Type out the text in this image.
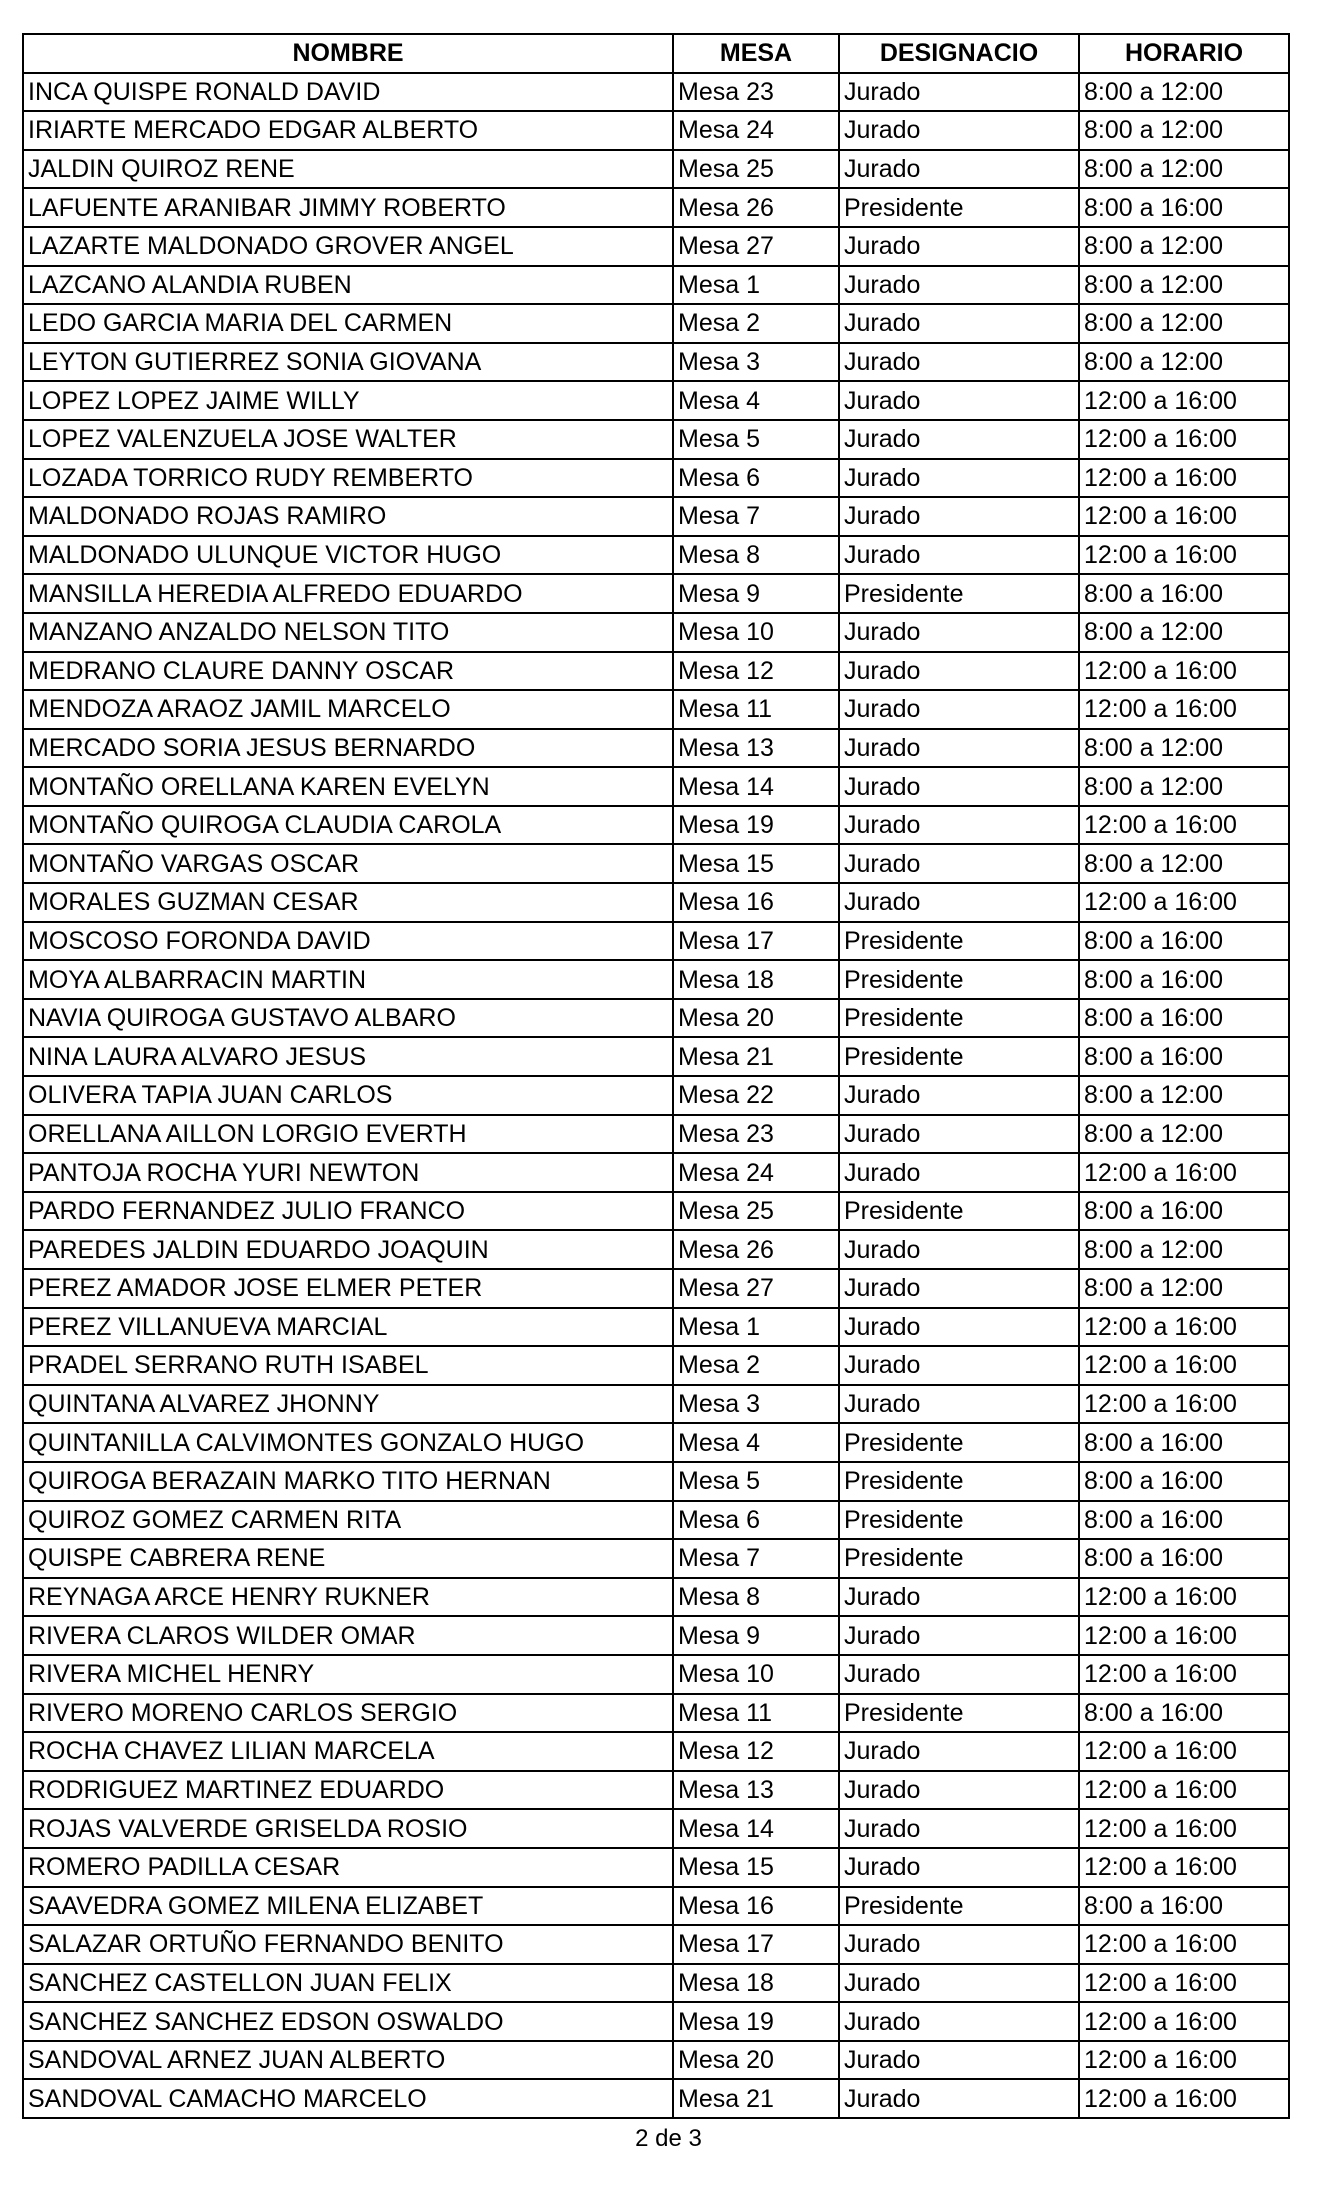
NOMBRE	MESA	DESIGNACIO	HORARIO
INCA QUISPE RONALD DAVID	Mesa 23	Jurado	8:00 a 12:00
IRIARTE MERCADO EDGAR ALBERTO	Mesa 24	Jurado	8:00 a 12:00
JALDIN QUIROZ RENE	Mesa 25	Jurado	8:00 a 12:00
LAFUENTE ARANIBAR JIMMY ROBERTO	Mesa 26	Presidente	8:00 a 16:00
LAZARTE MALDONADO GROVER ANGEL	Mesa 27	Jurado	8:00 a 12:00
LAZCANO ALANDIA RUBEN	Mesa 1	Jurado	8:00 a 12:00
LEDO GARCIA MARIA DEL CARMEN	Mesa 2	Jurado	8:00 a 12:00
LEYTON GUTIERREZ SONIA GIOVANA	Mesa 3	Jurado	8:00 a 12:00
LOPEZ LOPEZ JAIME WILLY	Mesa 4	Jurado	12:00 a 16:00
LOPEZ VALENZUELA JOSE WALTER	Mesa 5	Jurado	12:00 a 16:00
LOZADA TORRICO RUDY REMBERTO	Mesa 6	Jurado	12:00 a 16:00
MALDONADO ROJAS RAMIRO	Mesa 7	Jurado	12:00 a 16:00
MALDONADO ULUNQUE VICTOR HUGO	Mesa 8	Jurado	12:00 a 16:00
MANSILLA HEREDIA ALFREDO EDUARDO	Mesa 9	Presidente	8:00 a 16:00
MANZANO ANZALDO NELSON TITO	Mesa 10	Jurado	8:00 a 12:00
MEDRANO CLAURE DANNY OSCAR	Mesa 12	Jurado	12:00 a 16:00
MENDOZA ARAOZ JAMIL MARCELO	Mesa 11	Jurado	12:00 a 16:00
MERCADO SORIA JESUS BERNARDO	Mesa 13	Jurado	8:00 a 12:00
MONTAÑO ORELLANA KAREN EVELYN	Mesa 14	Jurado	8:00 a 12:00
MONTAÑO QUIROGA CLAUDIA CAROLA	Mesa 19	Jurado	12:00 a 16:00
MONTAÑO VARGAS OSCAR	Mesa 15	Jurado	8:00 a 12:00
MORALES GUZMAN CESAR	Mesa 16	Jurado	12:00 a 16:00
MOSCOSO FORONDA DAVID	Mesa 17	Presidente	8:00 a 16:00
MOYA ALBARRACIN MARTIN	Mesa 18	Presidente	8:00 a 16:00
NAVIA QUIROGA GUSTAVO ALBARO	Mesa 20	Presidente	8:00 a 16:00
NINA LAURA ALVARO JESUS	Mesa 21	Presidente	8:00 a 16:00
OLIVERA TAPIA JUAN CARLOS	Mesa 22	Jurado	8:00 a 12:00
ORELLANA AILLON LORGIO EVERTH	Mesa 23	Jurado	8:00 a 12:00
PANTOJA ROCHA YURI NEWTON	Mesa 24	Jurado	12:00 a 16:00
PARDO FERNANDEZ JULIO FRANCO	Mesa 25	Presidente	8:00 a 16:00
PAREDES JALDIN EDUARDO JOAQUIN	Mesa 26	Jurado	8:00 a 12:00
PEREZ AMADOR JOSE ELMER PETER	Mesa 27	Jurado	8:00 a 12:00
PEREZ VILLANUEVA MARCIAL	Mesa 1	Jurado	12:00 a 16:00
PRADEL SERRANO RUTH ISABEL	Mesa 2	Jurado	12:00 a 16:00
QUINTANA ALVAREZ JHONNY	Mesa 3	Jurado	12:00 a 16:00
QUINTANILLA CALVIMONTES GONZALO HUGO	Mesa 4	Presidente	8:00 a 16:00
QUIROGA BERAZAIN MARKO TITO HERNAN	Mesa 5	Presidente	8:00 a 16:00
QUIROZ GOMEZ CARMEN RITA	Mesa 6	Presidente	8:00 a 16:00
QUISPE CABRERA RENE	Mesa 7	Presidente	8:00 a 16:00
REYNAGA ARCE HENRY RUKNER	Mesa 8	Jurado	12:00 a 16:00
RIVERA CLAROS WILDER OMAR	Mesa 9	Jurado	12:00 a 16:00
RIVERA MICHEL HENRY	Mesa 10	Jurado	12:00 a 16:00
RIVERO MORENO CARLOS SERGIO	Mesa 11	Presidente	8:00 a 16:00
ROCHA CHAVEZ LILIAN MARCELA	Mesa 12	Jurado	12:00 a 16:00
RODRIGUEZ MARTINEZ EDUARDO	Mesa 13	Jurado	12:00 a 16:00
ROJAS VALVERDE GRISELDA ROSIO	Mesa 14	Jurado	12:00 a 16:00
ROMERO PADILLA CESAR	Mesa 15	Jurado	12:00 a 16:00
SAAVEDRA GOMEZ MILENA ELIZABET	Mesa 16	Presidente	8:00 a 16:00
SALAZAR ORTUÑO FERNANDO BENITO	Mesa 17	Jurado	12:00 a 16:00
SANCHEZ CASTELLON JUAN FELIX	Mesa 18	Jurado	12:00 a 16:00
SANCHEZ SANCHEZ EDSON OSWALDO	Mesa 19	Jurado	12:00 a 16:00
SANDOVAL ARNEZ JUAN ALBERTO	Mesa 20	Jurado	12:00 a 16:00
SANDOVAL CAMACHO MARCELO	Mesa 21	Jurado	12:00 a 16:00
2 de 3
